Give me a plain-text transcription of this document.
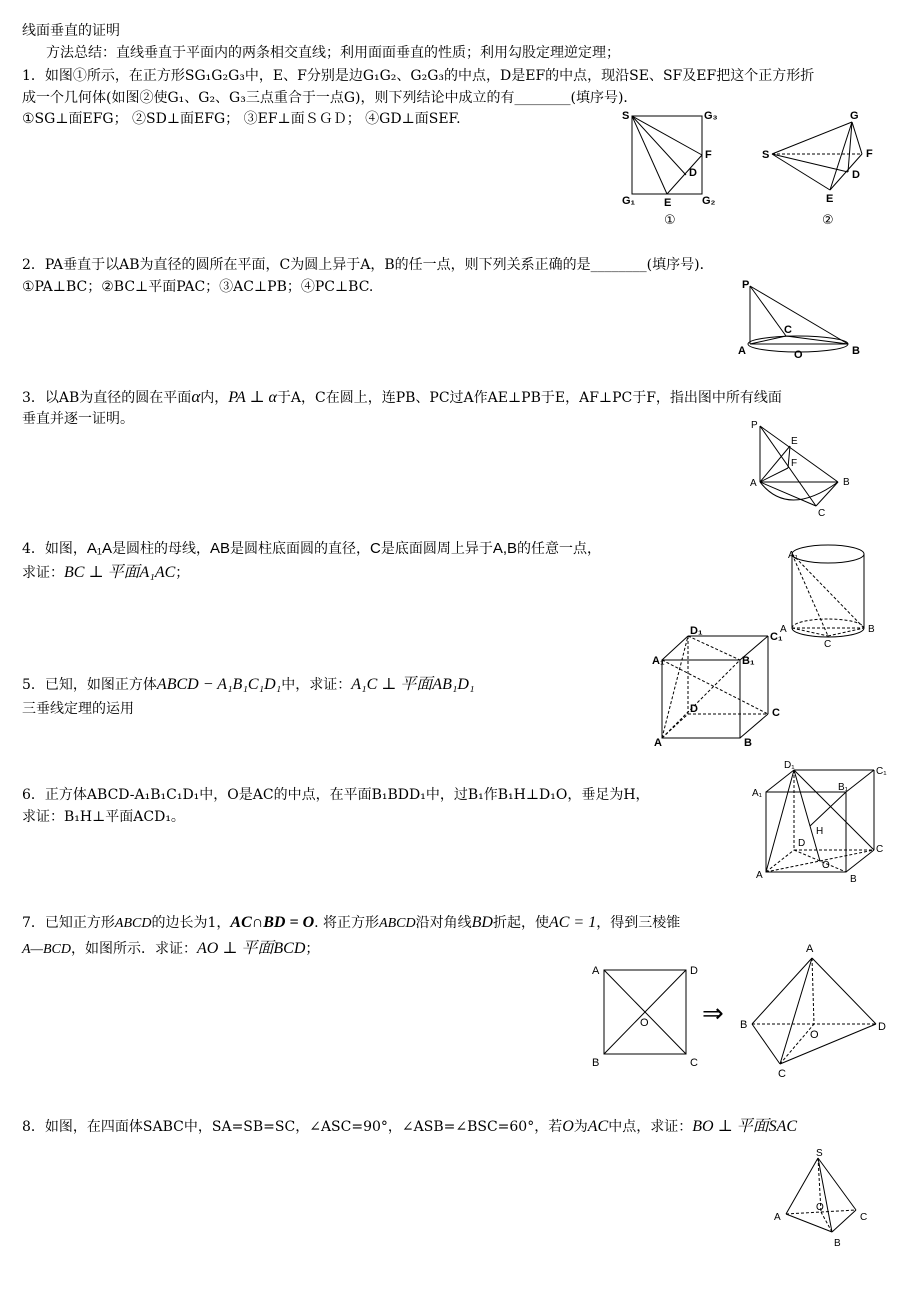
线面垂直的证明
方法总结：直线垂直于平面内的两条相交直线；利用面面垂直的性质；利用勾股定理逆定理；
1．如图①所示，在正方形SG₁G₂G₃中，E、F分别是边G₁G₂、G₂G₃的中点，D是EF的中点，现沿SE、SF及EF把这个正方形折
成一个几何体(如图②使G₁、G₂、G₃三点重合于一点G)，则下列结论中成立的有________(填序号)．
①SG⊥面EFG； ②SD⊥面EFG； ③EF⊥面ＳＧＤ； ④GD⊥面SEF.	S	G₃
F
D
G₁	E	G₂
①
G
S	F
D
E
②
2．PA垂直于以AB为直径的圆所在平面，C为圆上异于A，B的任一点，则下列关系正确的是________(填序号)．
①PA⊥BC；②BC⊥平面PAC；③AC⊥PB；④PC⊥BC.	P
C
A	O	B
3．以AB为直径的圆在平面α内，PA ⊥ α于A，C在圆上，连PB、PC过A作AE⊥PB于E，AF⊥PC于F，指出图中所有线面
垂直并逐一证明。	P
E
F
A	B
C
4．如图，A₁A是圆柱的母线，AB是圆柱底面圆的直径，C是底面圆周上异于A,B的任意一点，
求证：BC ⊥ 平面A₁AC；
A₁
A	B
C
5．已知，如图正方体ABCD − A₁B₁C₁D₁中，求证：A₁C ⊥ 平面AB₁D₁
三垂线定理的运用
D₁	C₁
A₁	B₁
D	C
A	B
6．正方体ABCD-A₁B₁C₁D₁中，O是AC的中点，在平面B₁BDD₁中，过B₁作B₁H⊥D₁O，垂足为H，
求证：B₁H⊥平面ACD₁。
D₁
C₁
A₁
B₁
H
D
C
O
A	B
7．已知正方形ABCD的边长为1，AC∩BD = O. 将正方形ABCD沿对角线BD折起，使AC = 1，得到三棱锥
A—BCD，如图所示．求证：AO ⊥ 平面BCD；
A	D
O
B	C
⇒
A
B
O
D
C
8．如图，在四面体SABC中，SA=SB=SC，∠ASC=90°，∠ASB=∠BSC=60°，若O为AC中点，求证：BO ⊥ 平面SAC
S
A
O
C
B
